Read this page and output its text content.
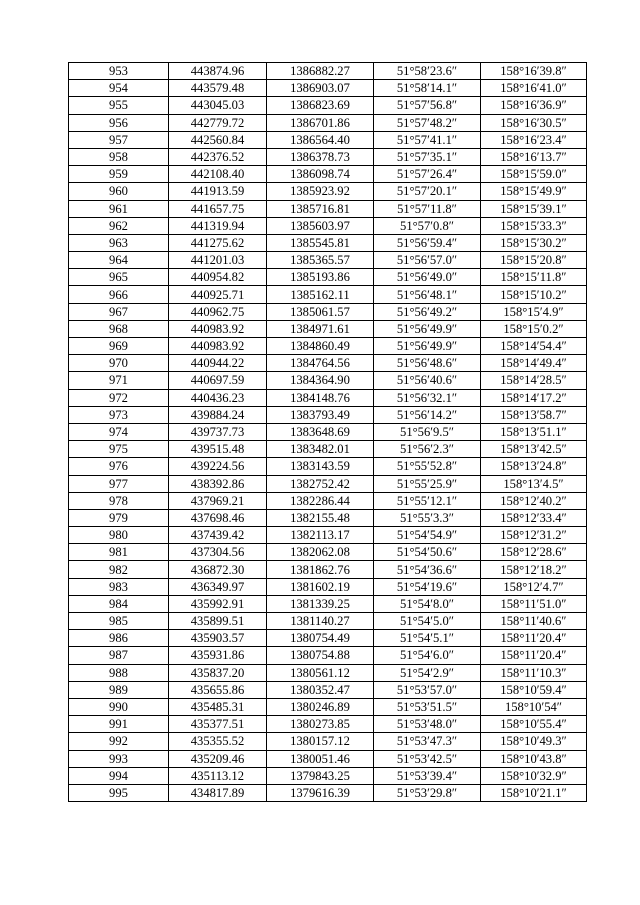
953	443874.96	1386882.27	51°58′23.6″	158°16′39.8″
954	443579.48	1386903.07	51°58′14.1″	158°16′41.0″
955	443045.03	1386823.69	51°57′56.8″	158°16′36.9″
956	442779.72	1386701.86	51°57′48.2″	158°16′30.5″
957	442560.84	1386564.40	51°57′41.1″	158°16′23.4″
958	442376.52	1386378.73	51°57′35.1″	158°16′13.7″
959	442108.40	1386098.74	51°57′26.4″	158°15′59.0″
960	441913.59	1385923.92	51°57′20.1″	158°15′49.9″
961	441657.75	1385716.81	51°57′11.8″	158°15′39.1″
962	441319.94	1385603.97	51°57′0.8″	158°15′33.3″
963	441275.62	1385545.81	51°56′59.4″	158°15′30.2″
964	441201.03	1385365.57	51°56′57.0″	158°15′20.8″
965	440954.82	1385193.86	51°56′49.0″	158°15′11.8″
966	440925.71	1385162.11	51°56′48.1″	158°15′10.2″
967	440962.75	1385061.57	51°56′49.2″	158°15′4.9″
968	440983.92	1384971.61	51°56′49.9″	158°15′0.2″
969	440983.92	1384860.49	51°56′49.9″	158°14′54.4″
970	440944.22	1384764.56	51°56′48.6″	158°14′49.4″
971	440697.59	1384364.90	51°56′40.6″	158°14′28.5″
972	440436.23	1384148.76	51°56′32.1″	158°14′17.2″
973	439884.24	1383793.49	51°56′14.2″	158°13′58.7″
974	439737.73	1383648.69	51°56′9.5″	158°13′51.1″
975	439515.48	1383482.01	51°56′2.3″	158°13′42.5″
976	439224.56	1383143.59	51°55′52.8″	158°13′24.8″
977	438392.86	1382752.42	51°55′25.9″	158°13′4.5″
978	437969.21	1382286.44	51°55′12.1″	158°12′40.2″
979	437698.46	1382155.48	51°55′3.3″	158°12′33.4″
980	437439.42	1382113.17	51°54′54.9″	158°12′31.2″
981	437304.56	1382062.08	51°54′50.6″	158°12′28.6″
982	436872.30	1381862.76	51°54′36.6″	158°12′18.2″
983	436349.97	1381602.19	51°54′19.6″	158°12′4.7″
984	435992.91	1381339.25	51°54′8.0″	158°11′51.0″
985	435899.51	1381140.27	51°54′5.0″	158°11′40.6″
986	435903.57	1380754.49	51°54′5.1″	158°11′20.4″
987	435931.86	1380754.88	51°54′6.0″	158°11′20.4″
988	435837.20	1380561.12	51°54′2.9″	158°11′10.3″
989	435655.86	1380352.47	51°53′57.0″	158°10′59.4″
990	435485.31	1380246.89	51°53′51.5″	158°10′54″
991	435377.51	1380273.85	51°53′48.0″	158°10′55.4″
992	435355.52	1380157.12	51°53′47.3″	158°10′49.3″
993	435209.46	1380051.46	51°53′42.5″	158°10′43.8″
994	435113.12	1379843.25	51°53′39.4″	158°10′32.9″
995	434817.89	1379616.39	51°53′29.8″	158°10′21.1″
